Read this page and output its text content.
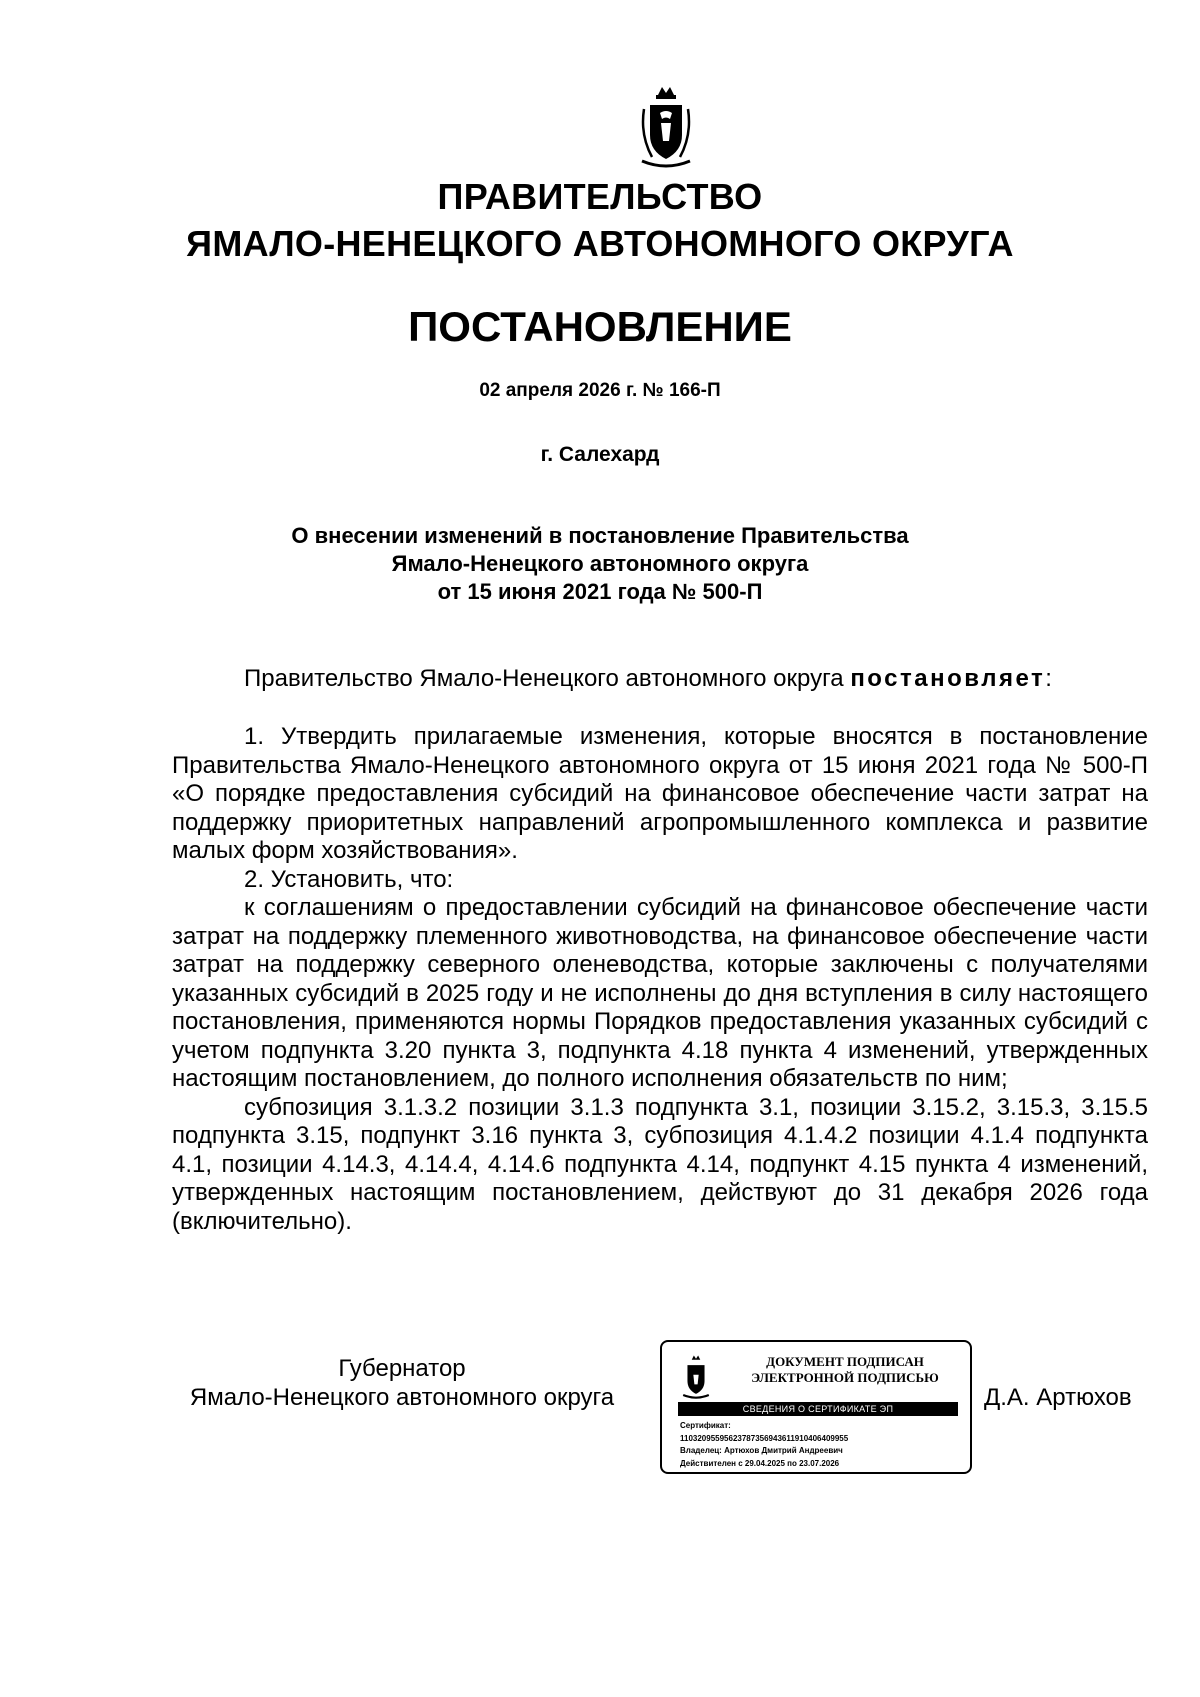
ПРАВИТЕЛЬСТВО
ЯМАЛО-НЕНЕЦКОГО АВТОНОМНОГО ОКРУГА
ПОСТАНОВЛЕНИЕ
02 апреля 2026 г. № 166-П
г. Салехард
О внесении изменений в постановление Правительства
Ямало-Ненецкого автономного округа
от 15 июня 2021 года № 500-П
Правительство Ямало-Ненецкого автономного округа постановляет:

1. Утвердить прилагаемые изменения, которые вносятся в постановление Правительства Ямало-Ненецкого автономного округа от 15 июня 2021 года № 500-П «О порядке предоставления субсидий на финансовое обеспечение части затрат на поддержку приоритетных направлений агропромышленного комплекса и развитие малых форм хозяйствования».

2. Установить, что:

к соглашениям о предоставлении субсидий на финансовое обеспечение части затрат на поддержку племенного животноводства, на финансовое обеспечение части затрат на поддержку северного оленеводства, которые заключены с получателями указанных субсидий в 2025 году и не исполнены до дня вступления в силу настоящего постановления, применяются нормы Порядков предоставления указанных субсидий с учетом подпункта 3.20 пункта 3, подпункта 4.18 пункта 4 изменений, утвержденных настоящим постановлением, до полного исполнения обязательств по ним;

субпозиция 3.1.3.2 позиции 3.1.3 подпункта 3.1, позиции 3.15.2, 3.15.3, 3.15.5 подпункта 3.15, подпункт 3.16 пункта 3, субпозиция 4.1.4.2 позиции 4.1.4 подпункта 4.1, позиции 4.14.3, 4.14.4, 4.14.6 подпункта 4.14, подпункт 4.15 пункта 4 изменений, утвержденных настоящим постановлением, действуют до 31 декабря 2026 года (включительно).

Губернатор
Ямало-Ненецкого автономного округа
ДОКУМЕНТ ПОДПИСАН
ЭЛЕКТРОННОЙ ПОДПИСЬЮ
СВЕДЕНИЯ О СЕРТИФИКАТЕ ЭП
Сертификат:
11032095595623787356943611910406409955
Владелец: Артюхов Дмитрий Андреевич
Действителен с 29.04.2025 по 23.07.2026
Д.А. Артюхов
